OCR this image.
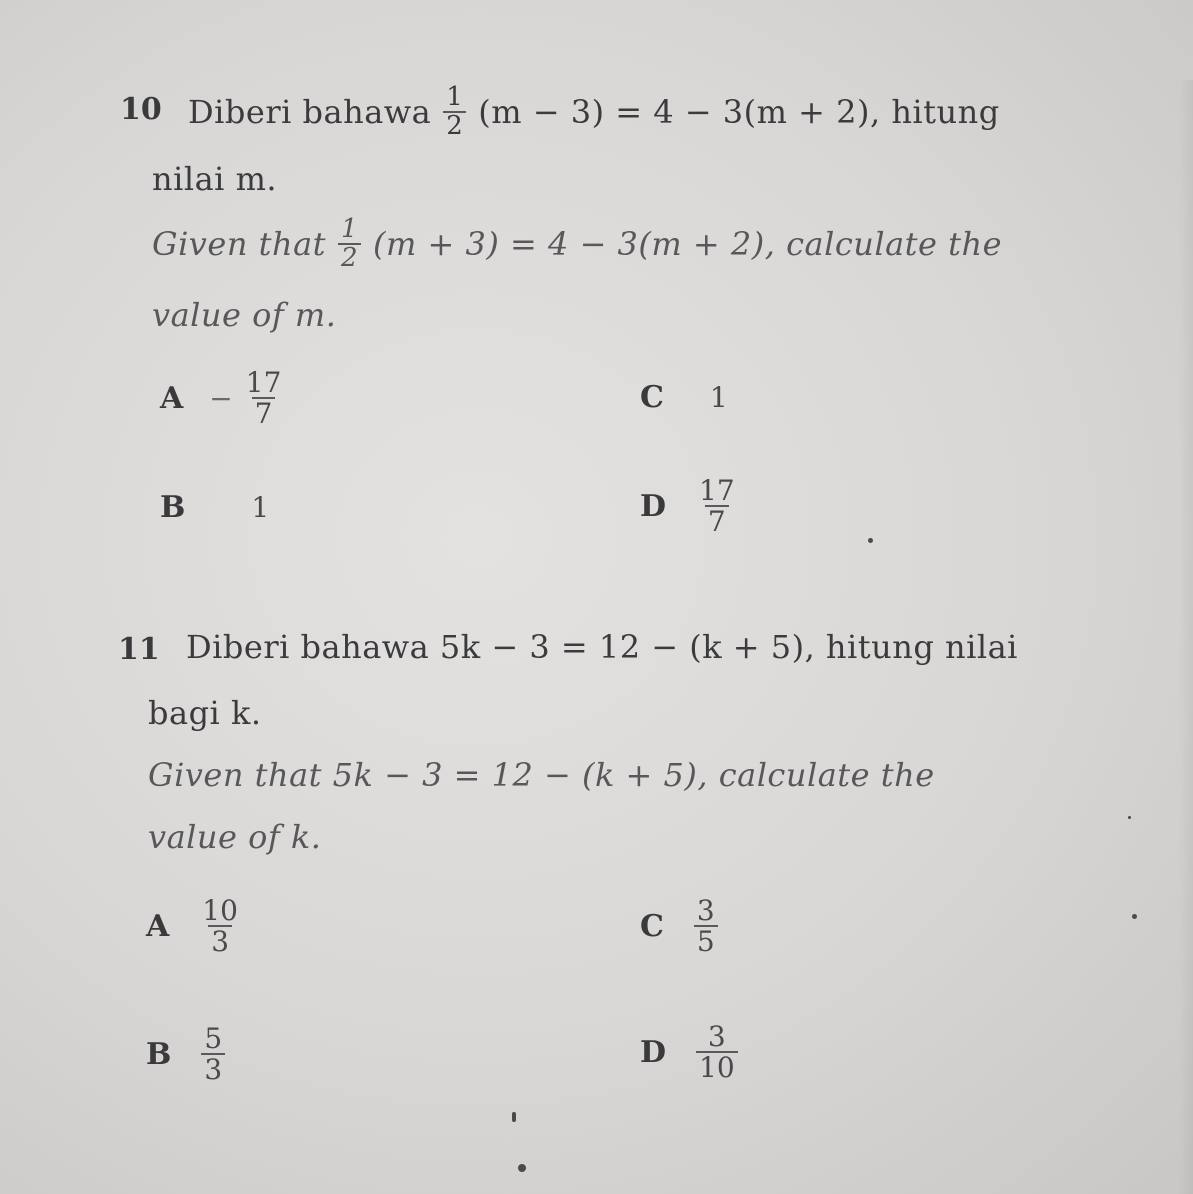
10 Diberi bahawa $\frac{1}{2} (m - 3) = 4 - 3(m + 2)$, hitung
nilai m.
Given that $\frac{1}{2} (m + 3) = 4 - 3(m + 2)$, calculate the
value of m.
$A - \frac{17}{7}$
B 1
C 1
D $\frac{17}{7}$
11 Diberi bahawa 5k − 3 = 12 − (k + 5), hitung nilai
bagi k.
Given that 5k − 3 = 12 − (k + 5), calculate the
value of k.
A $\frac{10}{3}$
B $\frac{5}{3}$
C $\frac{3}{5}$
D $\frac{3}{10}$
